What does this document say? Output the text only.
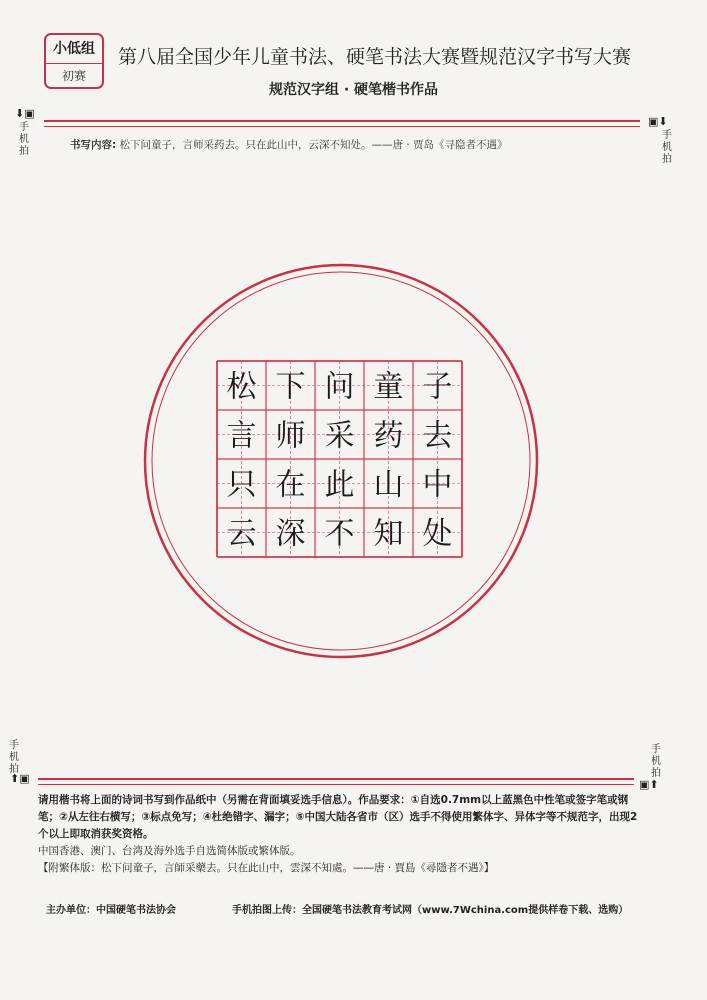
小低组
初赛
第八届全国少年儿童书法、硬笔书法大赛暨规范汉字书写大赛
规范汉字组 · 硬笔楷书作品
⬇▣
手
机
拍
▣⬇
手
机
拍
书写内容: 松下问童子，言师采药去。只在此山中，云深不知处。——唐 · 贾岛《寻隐者不遇》
松 下 问 童 子
言 师 采 药 去
只 在 此 山 中
云 深 不 知 处
手
机
拍
⬆▣
手
机
拍
▣⬆

请用楷书将上面的诗词书写到作品纸中（另需在背面填妥选手信息）。作品要求：①自选0.7mm以上蓝黑色中性笔或签字笔或钢笔；②从左往右横写；③标点免写；④杜绝错字、漏字；⑤中国大陆各省市（区）选手不得使用繁体字、异体字等不规范字，出现2个以上即取消获奖资格。

中国香港、澳门、台湾及海外选手自选简体版或繁体版。

【附繁体版：松下问童子，言師采藥去。只在此山中，雲深不知處。——唐 · 賈島《尋隱者不遇》】

主办单位：中国硬笔书法协会	手机拍图上传：全国硬笔书法教育考试网（www.7Wchina.com提供样卷下载、选购）
